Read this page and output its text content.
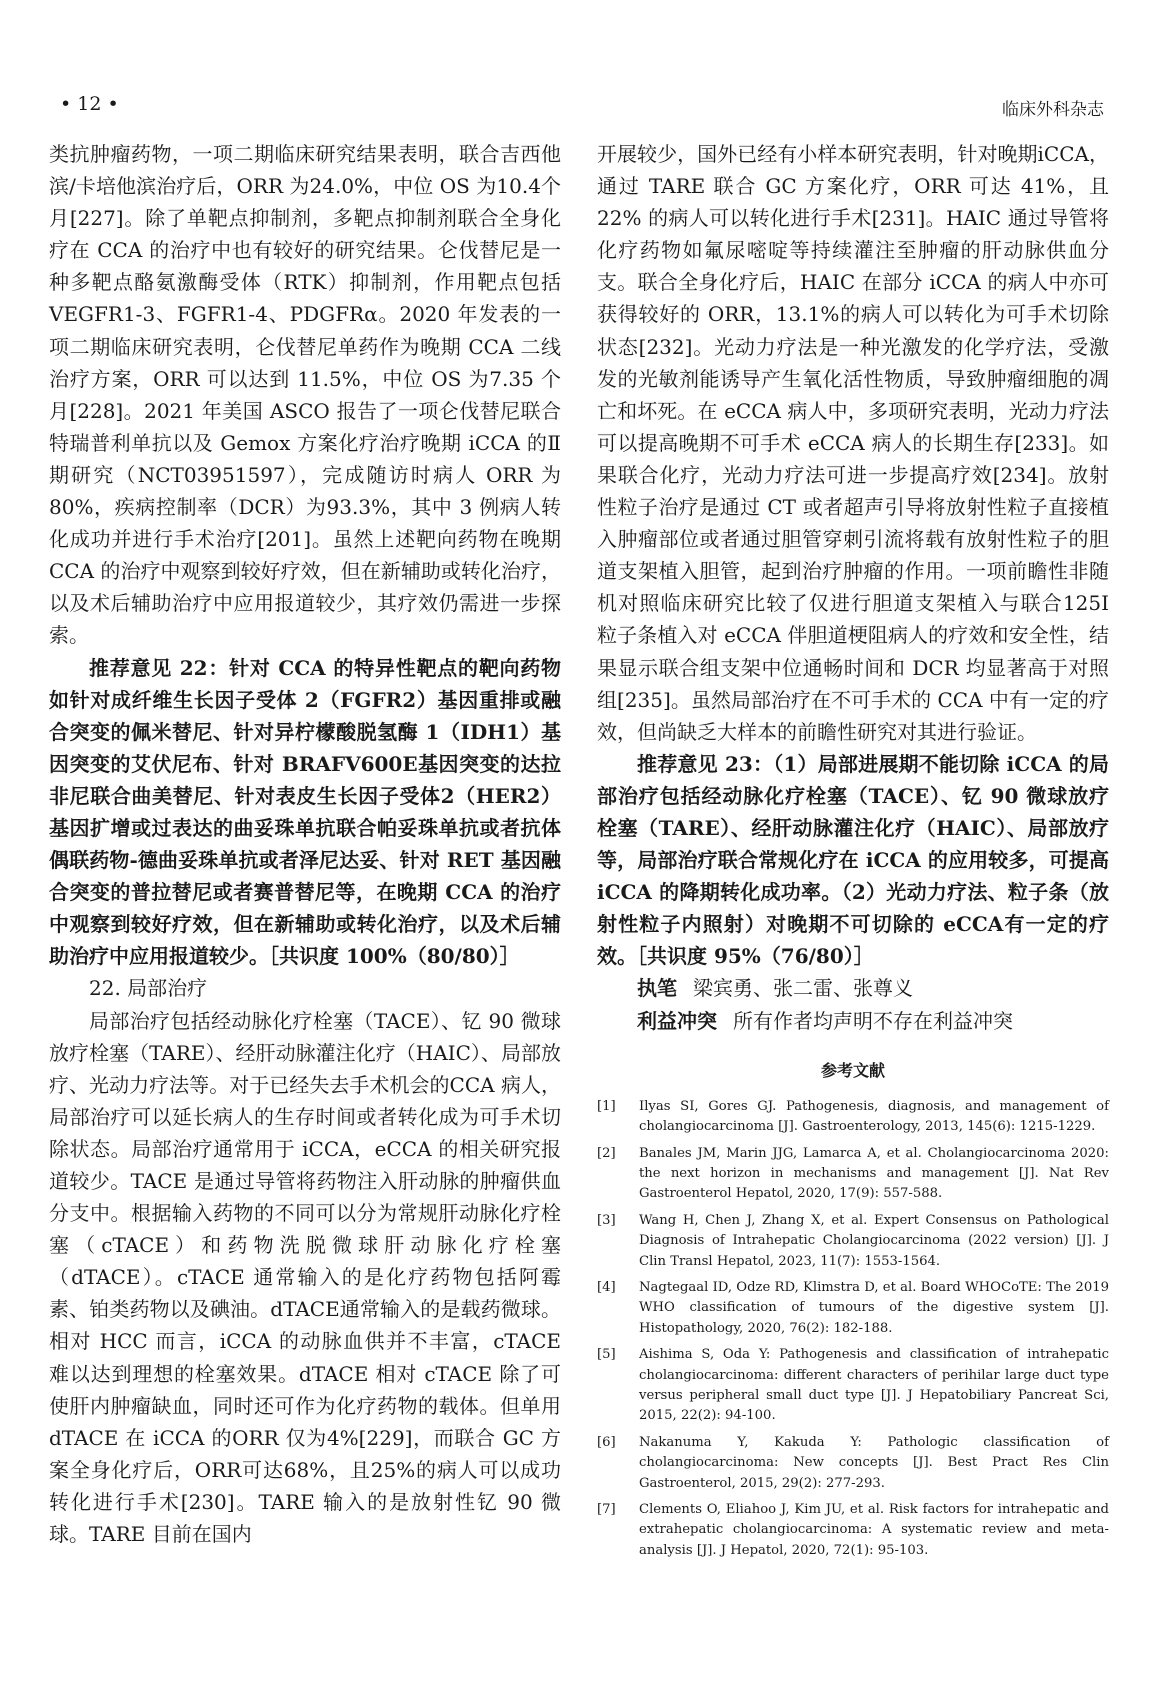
• 12 •	临床外科杂志

类抗肿瘤药物，一项二期临床研究结果表明，联合吉西他滨/卡培他滨治疗后，ORR 为24.0%，中位 OS 为10.4个月[227]。除了单靶点抑制剂，多靶点抑制剂联合全身化疗在 CCA 的治疗中也有较好的研究结果。仑伐替尼是一种多靶点酪氨激酶受体（RTK）抑制剂，作用靶点包括 VEGFR1-3、FGFR1-4、PDGFRα。2020 年发表的一项二期临床研究表明，仑伐替尼单药作为晚期 CCA 二线治疗方案，ORR 可以达到 11.5%，中位 OS 为7.35 个月[228]。2021 年美国 ASCO 报告了一项仑伐替尼联合特瑞普利单抗以及 Gemox 方案化疗治疗晚期 iCCA 的Ⅱ期研究（NCT03951597），完成随访时病人 ORR 为 80%，疾病控制率（DCR）为93.3%，其中 3 例病人转化成功并进行手术治疗[201]。虽然上述靶向药物在晚期 CCA 的治疗中观察到较好疗效，但在新辅助或转化治疗，以及术后辅助治疗中应用报道较少，其疗效仍需进一步探索。

推荐意见 22：针对 CCA 的特异性靶点的靶向药物如针对成纤维生长因子受体 2（FGFR2）基因重排或融合突变的佩米替尼、针对异柠檬酸脱氢酶 1（IDH1）基因突变的艾伏尼布、针对 BRAFV600E基因突变的达拉非尼联合曲美替尼、针对表皮生长因子受体2（HER2）基因扩增或过表达的曲妥珠单抗联合帕妥珠单抗或者抗体偶联药物-德曲妥珠单抗或者泽尼达妥、针对 RET 基因融合突变的普拉替尼或者赛普替尼等，在晚期 CCA 的治疗中观察到较好疗效，但在新辅助或转化治疗，以及术后辅助治疗中应用报道较少。［共识度 100%（80/80）］

22. 局部治疗

局部治疗包括经动脉化疗栓塞（TACE）、钇 90 微球放疗栓塞（TARE）、经肝动脉灌注化疗（HAIC）、局部放疗、光动力疗法等。对于已经失去手术机会的CCA 病人，局部治疗可以延长病人的生存时间或者转化成为可手术切除状态。局部治疗通常用于 iCCA，eCCA 的相关研究报道较少。TACE 是通过导管将药物注入肝动脉的肿瘤供血分支中。根据输入药物的不同可以分为常规肝动脉化疗栓塞（cTACE）和药物洗脱微球肝动脉化疗栓塞（dTACE）。cTACE 通常输入的是化疗药物包括阿霉素、铂类药物以及碘油。dTACE通常输入的是载药微球。相对 HCC 而言，iCCA 的动脉血供并不丰富，cTACE 难以达到理想的栓塞效果。dTACE 相对 cTACE 除了可使肝内肿瘤缺血，同时还可作为化疗药物的载体。但单用 dTACE 在 iCCA 的ORR 仅为4%[229]，而联合 GC 方案全身化疗后，ORR可达68%，且25%的病人可以成功转化进行手术[230]。TARE 输入的是放射性钇 90 微球。TARE 目前在国内

开展较少，国外已经有小样本研究表明，针对晚期iCCA，通过 TARE 联合 GC 方案化疗，ORR 可达 41%，且 22% 的病人可以转化进行手术[231]。HAIC 通过导管将化疗药物如氟尿嘧啶等持续灌注至肿瘤的肝动脉供血分支。联合全身化疗后，HAIC 在部分 iCCA 的病人中亦可获得较好的 ORR，13.1%的病人可以转化为可手术切除状态[232]。光动力疗法是一种光激发的化学疗法，受激发的光敏剂能诱导产生氧化活性物质，导致肿瘤细胞的凋亡和坏死。在 eCCA 病人中，多项研究表明，光动力疗法可以提高晚期不可手术 eCCA 病人的长期生存[233]。如果联合化疗，光动力疗法可进一步提高疗效[234]。放射性粒子治疗是通过 CT 或者超声引导将放射性粒子直接植入肿瘤部位或者通过胆管穿刺引流将载有放射性粒子的胆道支架植入胆管，起到治疗肿瘤的作用。一项前瞻性非随机对照临床研究比较了仅进行胆道支架植入与联合125I 粒子条植入对 eCCA 伴胆道梗阻病人的疗效和安全性，结果显示联合组支架中位通畅时间和 DCR 均显著高于对照组[235]。虽然局部治疗在不可手术的 CCA 中有一定的疗效，但尚缺乏大样本的前瞻性研究对其进行验证。

推荐意见 23：（1）局部进展期不能切除 iCCA 的局部治疗包括经动脉化疗栓塞（TACE）、钇 90 微球放疗栓塞（TARE）、经肝动脉灌注化疗（HAIC）、局部放疗等，局部治疗联合常规化疗在 iCCA 的应用较多，可提高 iCCA 的降期转化成功率。（2）光动力疗法、粒子条（放射性粒子内照射）对晚期不可切除的 eCCA有一定的疗效。［共识度 95%（76/80）］

执笔 梁宾勇、张二雷、张尊义

利益冲突 所有作者均声明不存在利益冲突

参考文献

[1]	Ilyas SI, Gores GJ. Pathogenesis, diagnosis, and management of cholangiocarcinoma [J]. Gastroenterology, 2013, 145(6): 1215-1229.

[2]	Banales JM, Marin JJG, Lamarca A, et al. Cholangiocarcinoma 2020: the next horizon in mechanisms and management [J]. Nat Rev Gastroenterol Hepatol, 2020, 17(9): 557-588.

[3]	Wang H, Chen J, Zhang X, et al. Expert Consensus on Pathological Diagnosis of Intrahepatic Cholangiocarcinoma (2022 version) [J]. J Clin Transl Hepatol, 2023, 11(7): 1553-1564.

[4]	Nagtegaal ID, Odze RD, Klimstra D, et al. Board WHOCoTE: The 2019 WHO classification of tumours of the digestive system [J]. Histopathology, 2020, 76(2): 182-188.

[5]	Aishima S, Oda Y: Pathogenesis and classification of intrahepatic cholangiocarcinoma: different characters of perihilar large duct type versus peripheral small duct type [J]. J Hepatobiliary Pancreat Sci, 2015, 22(2): 94-100.

[6]	Nakanuma Y, Kakuda Y: Pathologic classification of cholangiocarcinoma: New concepts [J]. Best Pract Res Clin Gastroenterol, 2015, 29(2): 277-293.

[7]	Clements O, Eliahoo J, Kim JU, et al. Risk factors for intrahepatic and extrahepatic cholangiocarcinoma: A systematic review and meta-analysis [J]. J Hepatol, 2020, 72(1): 95-103.
